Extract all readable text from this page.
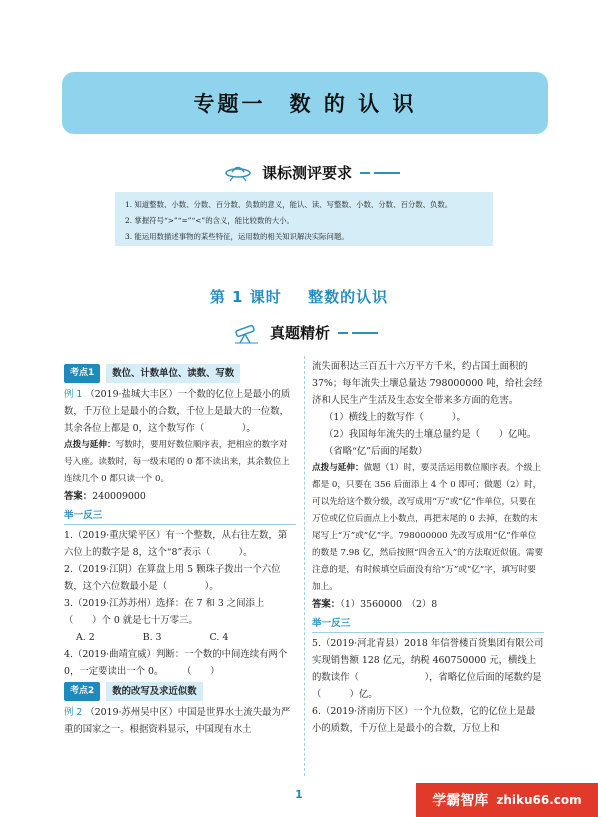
专题一 数 的 认 识
课标测评要求
1. 知道整数、小数、分数、百分数、负数的意义，能认、读、写整数、小数、分数、百分数、负数。
2. 掌握符号“>”“=”“<”的含义，能比较数的大小。
3. 能运用数描述事物的某些特征，运用数的相关知识解决实际问题。
第 1 课时 整数的认识
真题精析
考点1	数位、计数单位、读数、写数
例 1 （2019·盐城大丰区）一个数的亿位上是最小的质数，千万位上是最小的合数，千位上是最大的一位数，其余各位上都是 0，这个数写作（　　　　）。
点拨与延伸：写数时，要用好数位顺序表，把相应的数字对号入座。读数时，每一级末尾的 0 都不读出来，其余数位上连续几个 0 都只读一个 0。
答案：240009000
举一反三
1.（2019·重庆梁平区）有一个整数，从右往左数，第六位上的数字是 8，这个“8”表示（　　　）。
2.（2019·江阴）在算盘上用 5 颗珠子拨出一个六位数，这个六位数最小是（　　　　）。
3.（2019·江苏苏州）选择：在 7 和 3 之间添上（　　）个 0 就是七十万零三。
A. 2	B. 3	C. 4
4.（2019·曲靖宣威）判断：一个数的中间连续有两个 0，一定要读出一个 0。　　　（　　）
考点2	数的改写及求近似数
例 2 （2019·苏州吴中区）中国是世界水土流失最为严重的国家之一。根据资料显示，中国现有水土
流失面积达三百五十六万平方千米，约占国土面积的 37%；每年流失土壤总量达 798000000 吨，给社会经济和人民生产生活及生态安全带来多方面的危害。
（1）横线上的数写作（　　　）。
（2）我国每年流失的土壤总量约是（　　）亿吨。（省略“亿”后面的尾数）
点拨与延伸：做题（1）时，要灵活运用数位顺序表。个级上都是 0，只要在 356 后面添上 4 个 0 即可；做题（2）时，可以先给这个数分级，改写成用“万”或“亿”作单位，只要在万位或亿位后面点上小数点，再把末尾的 0 去掉，在数的末尾写上“万”或“亿”字。798000000 先改写成用“亿”作单位的数是 7.98 亿，然后按照“四舍五入”的方法取近似值。需要注意的是，有时候填空后面没有给“万”或“亿”字，填写时要加上。
答案：（1）3560000　（2）8
举一反三
5.（2019·河北青县）2018 年信誉楼百货集团有限公司实现销售额 128 亿元，纳税 460750000 元，横线上的数读作（　　　　　　　），省略亿位后面的尾数约是（　　　）亿。
6.（2019·济南历下区）一个九位数，它的亿位上是最小的质数，千万位上是最小的合数，万位上和
1	学霸智库 zhiku66.com
